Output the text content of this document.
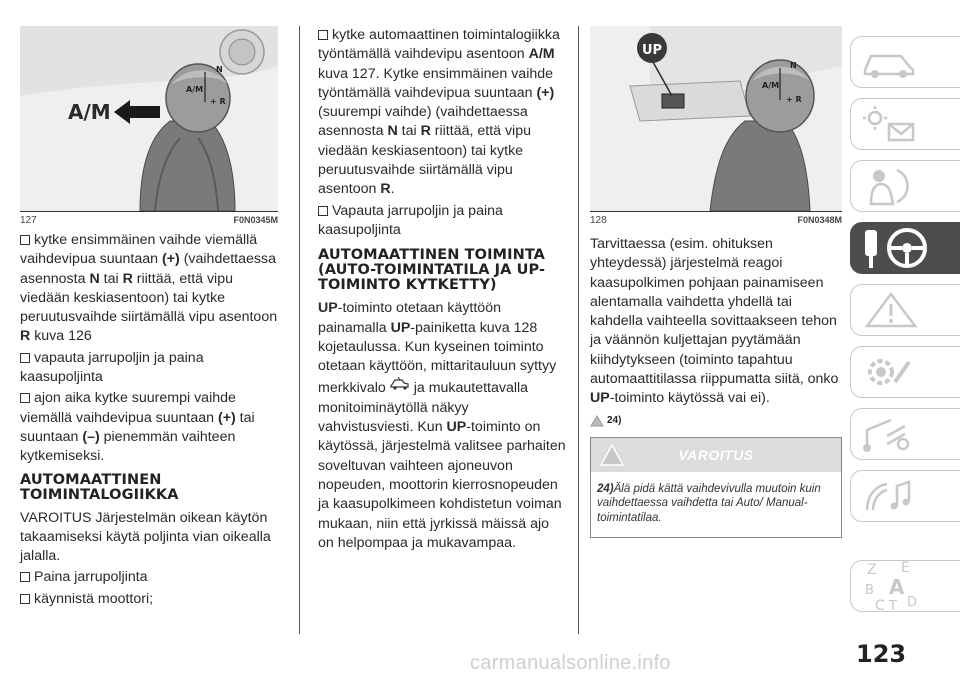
A/M
N
A/M
+ R
127	F0N0345M

kytke ensimmäinen vaihde viemällä vaihdevipua suuntaan (+) (vaihdettaessa asennosta N tai R riittää, että vipu viedään keskiasentoon) tai kytke peruutusvaihde siirtämällä vipu asentoon R kuva 126

vapauta jarrupoljin ja paina kaasupoljinta

ajon aika kytke suurempi vaihde viemällä vaihdevipua suuntaan (+) tai suuntaan (–) pienemmän vaihteen kytkemiseksi.

AUTOMAATTINEN TOIMINTALOGIIKKA

VAROITUS Järjestelmän oikean käytön takaamiseksi käytä poljinta vian oikealla jalalla.

Paina jarrupoljinta

käynnistä moottori;

kytke automaattinen toimintalogiikka työntämällä vaihdevipu asentoon A/M kuva 127. Kytke ensimmäinen vaihde työntämällä vaihdevipua suuntaan (+) (suurempi vaihde) (vaihdettaessa asennosta N tai R riittää, että vipu viedään keskiasentoon) tai kytke peruutusvaihde siirtämällä vipu asentoon R.

Vapauta jarrupoljin ja paina kaasupoljinta

AUTOMAATTINEN TOIMINTA (AUTO-TOIMINTATILA JA UP-TOIMINTO KYTKETTY)

UP-toiminto otetaan käyttöön painamalla UP-painiketta kuva 128 kojetaulussa. Kun kyseinen toiminto otetaan käyttöön, mittaritauluun syttyy merkkivalo ja mukautettavalla monitoiminäytöllä näkyy vahvistusviesti. Kun UP-toiminto on käytössä, järjestelmä valitsee parhaiten soveltuvan vaihteen ajoneuvon nopeuden, moottorin kierrosnopeuden ja kaasupolkimeen kohdistetun voiman mukaan, niin että jyrkissä mäissä ajo on helpompaa ja mukavampaa.

UP
N
A/M
+ R
128	F0N0348M

Tarvittaessa (esim. ohituksen yhteydessä) järjestelmä reagoi kaasupolkimen pohjaan painamiseen alentamalla vaihdetta yhdellä tai kahdella vaihteella sovittaakseen tehon ja väännön kuljettajan pyytämään kiihdytykseen (toiminto tapahtuu automaattitilassa riippumatta siitä, onko UP-toiminto käytössä vai ei).

24)
VAROITUS
24)Älä pidä kättä vaihdevivulla muutoin kuin vaihdettaessa vaihdetta tai Auto/ Manual-toimintatilaa.
Z E
B A
C T D
123
carmanualsonline.info
